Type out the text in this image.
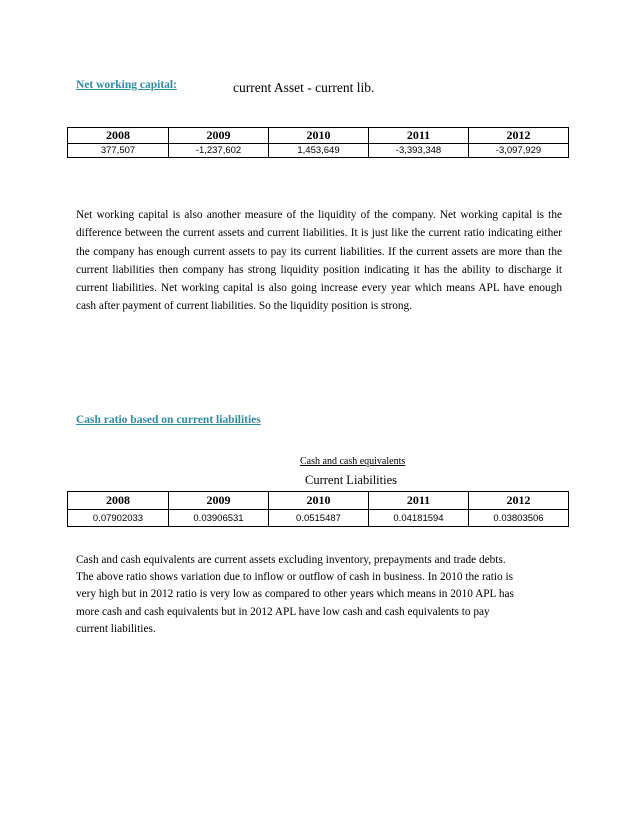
Net working capital:	current Asset - current lib.
2008	2009	2010	2011	2012
377,507	-1,237,602	1,453,649	-3,393,348	-3,097,929
Net working capital is also another measure of the liquidity of the company. Net working capital is the difference between the current assets and current liabilities. It is just like the current ratio indicating either the company has enough current assets to pay its current liabilities. If the current assets are more than the current liabilities then company has strong liquidity position indicating it has the ability to discharge it current liabilities. Net working capital is also going increase every year which means APL have enough cash after payment of current liabilities. So the liquidity position is strong.
Cash ratio based on current liabilities
Cash and cash equivalents
Current Liabilities
2008	2009	2010	2011	2012
0.07902033	0.03906531	0.0515487	0.04181594	0.03803506
Cash and cash equivalents are current assets excluding inventory, prepayments and trade debts.
The above ratio shows variation due to inflow or outflow of cash in business. In 2010 the ratio is
very high but in 2012 ratio is very low as compared to other years which means in 2010 APL has
more cash and cash equivalents but in 2012 APL have low cash and cash equivalents to pay
current liabilities.
